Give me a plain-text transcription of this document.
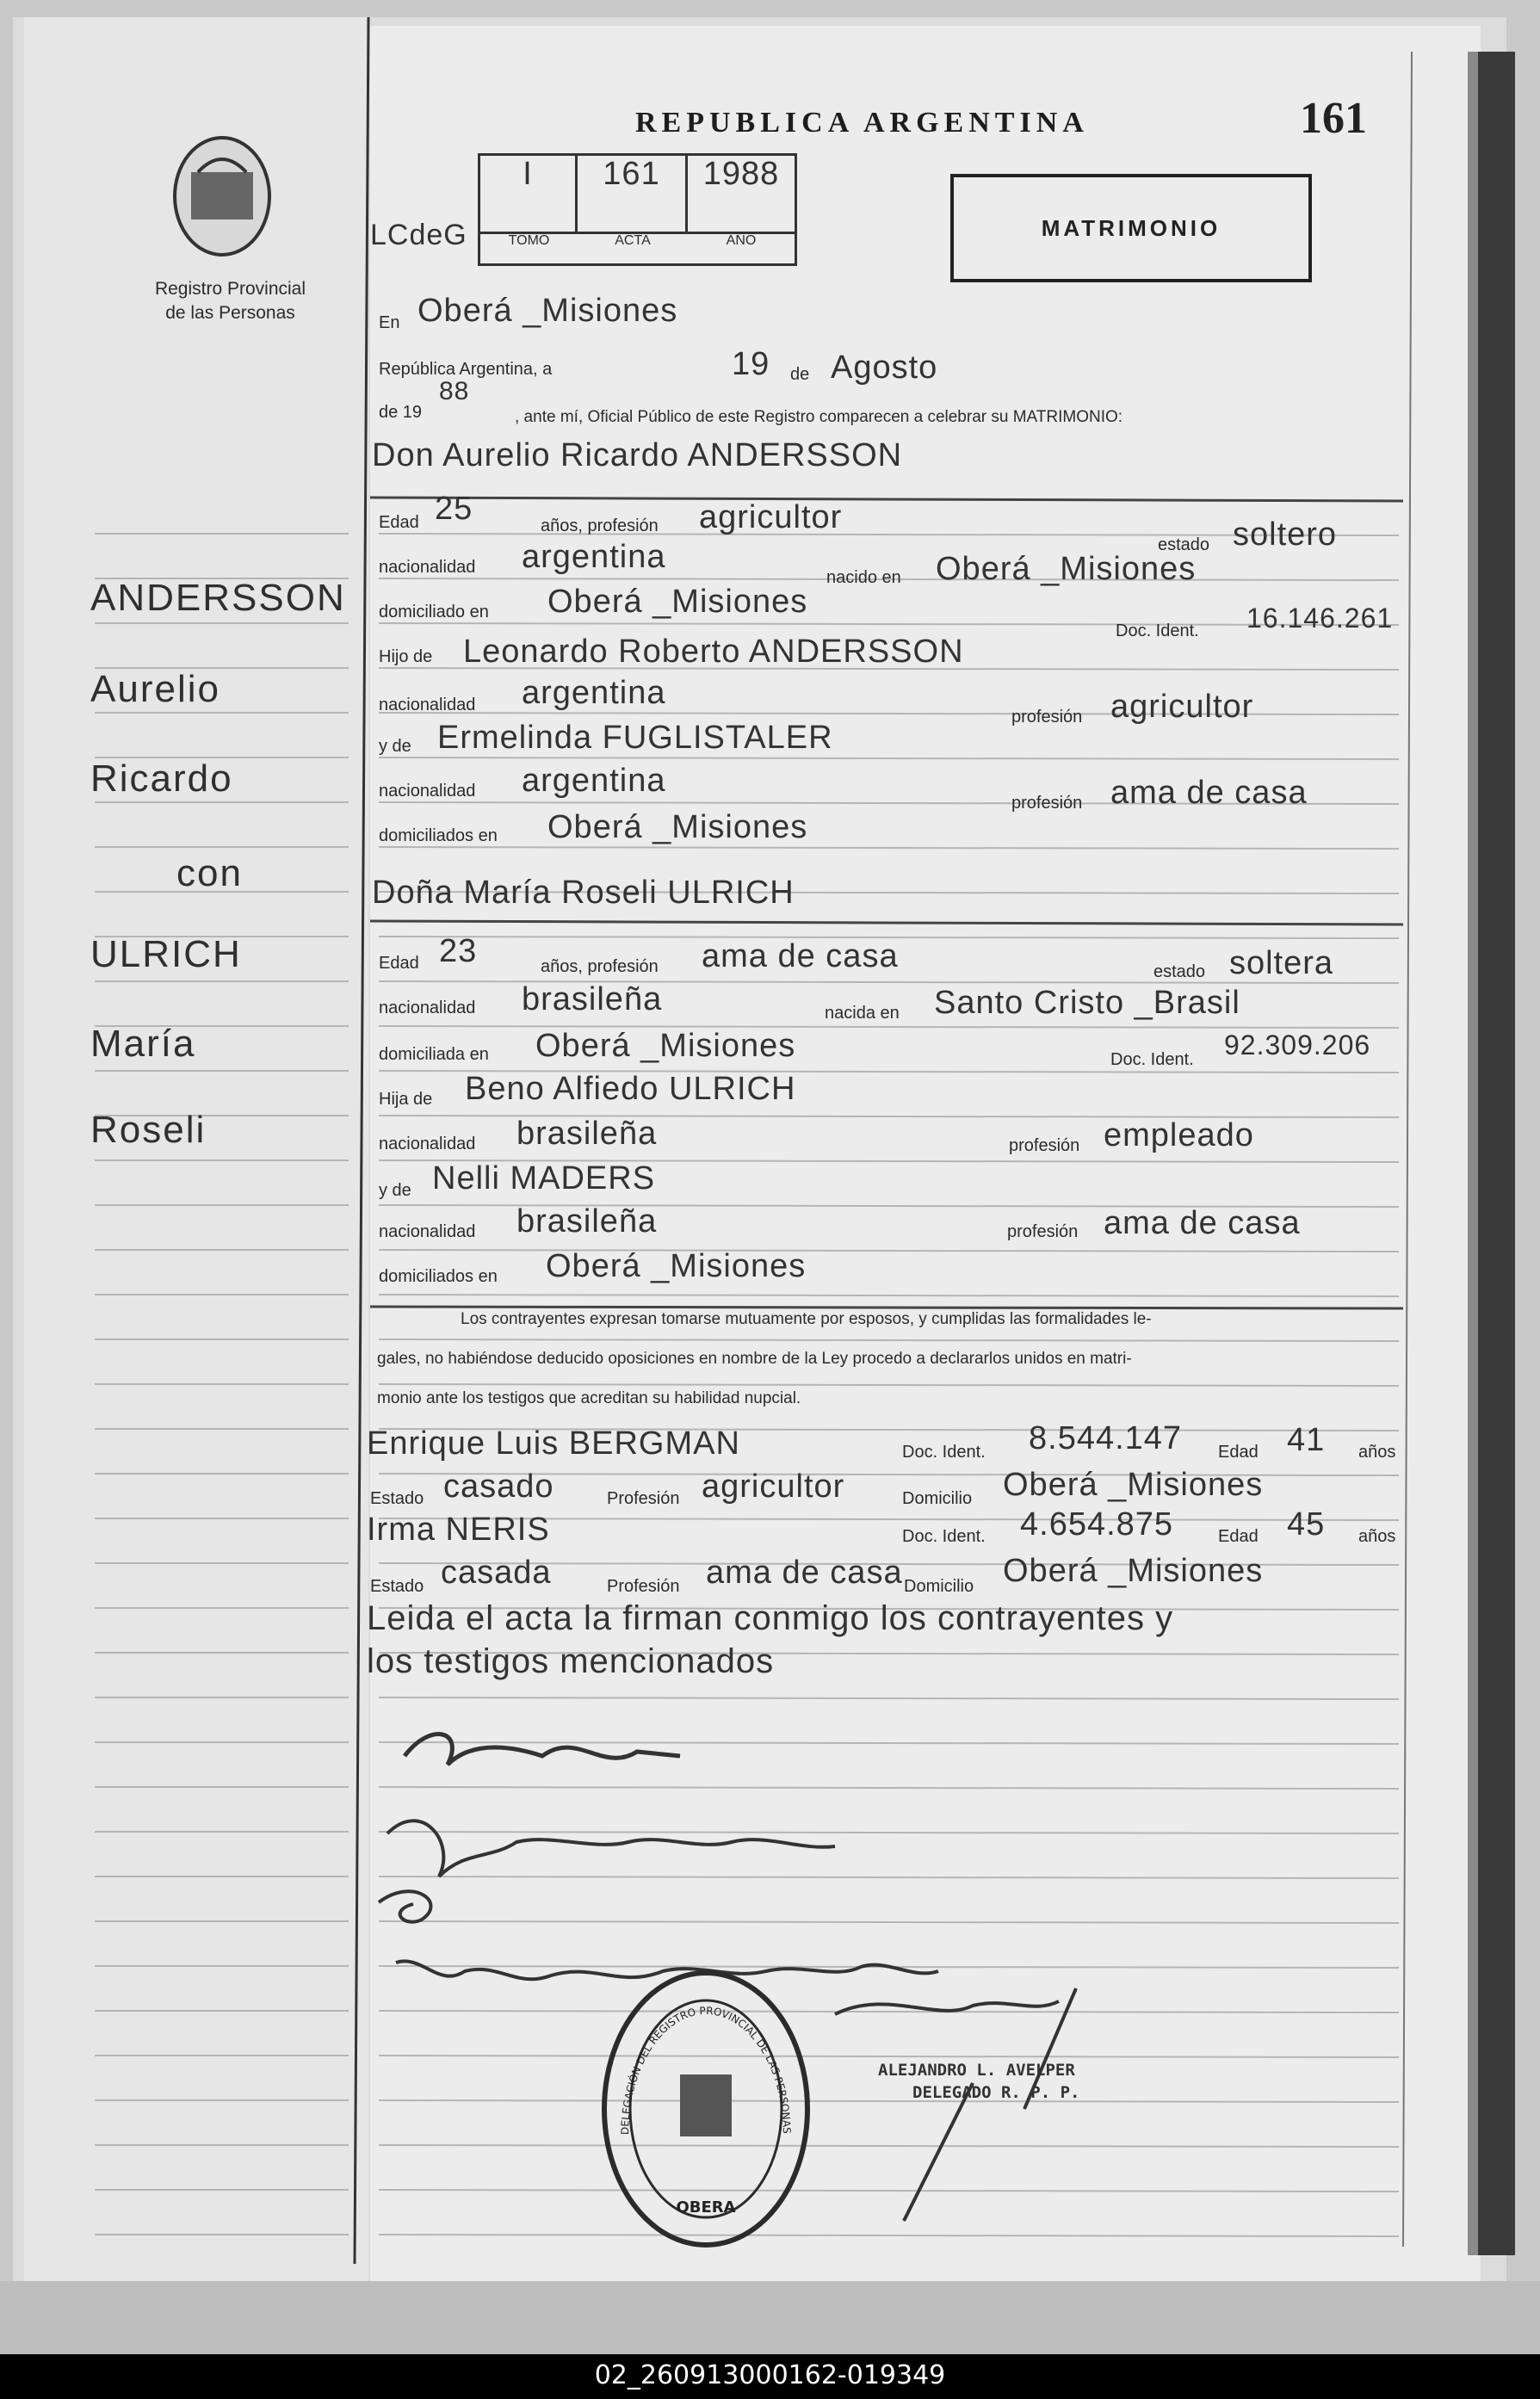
DELEGACIÓN DEL REGISTRO PROVINCIAL DE LAS PERSONAS
OBERA
Registro Provincial
de las Personas
REPUBLICA ARGENTINA	161
I	161	1988
TOMO	ACTA	AÑO
LCdeG	MATRIMONIO
ANDERSSON
Aurelio
Ricardo
con
ULRICH
María
Roseli
En Oberá _Misiones
República Argentina, a	19 de Agosto
de 19
88
, ante mí, Oficial Público de este Registro comparecen a celebrar su MATRIMONIO:
Don Aurelio Ricardo ANDERSSON
Edad 25	años, profesión agricultor
estado soltero
nacionalidad argentina
nacido en Oberá _Misiones
domiciliado en Oberá _Misiones
Doc. Ident. 16.146.261
Hijo de Leonardo Roberto ANDERSSON
nacionalidad argentina
profesión agricultor
y de Ermelinda FUGLISTALER
nacionalidad argentina
profesión ama de casa
domiciliados en Oberá _Misiones
Doña María Roseli ULRICH
Edad 23	años, profesión ama de casa	estado soltera
nacionalidad brasileña	nacida en Santo Cristo _Brasil
domiciliada en Oberá _Misiones	Doc. Ident. 92.309.206
Hija de Beno Alfiedo ULRICH
nacionalidad brasileña	profesión empleado
y de Nelli MADERS
nacionalidad brasileña	profesión ama de casa
domiciliados en Oberá _Misiones
Los contrayentes expresan tomarse mutuamente por esposos, y cumplidas las formalidades le-
gales, no habiéndose deducido oposiciones en nombre de la Ley procedo a declararlos unidos en matri-
monio ante los testigos que acreditan su habilidad nupcial.
Enrique Luis BERGMAN	Doc. Ident. 8.544.147 Edad 41 años
Estado casado	Profesión agricultor	Domicilio Oberá _Misiones
Irma NERIS	Doc. Ident. 4.654.875	Edad 45 años
Estado casada	Profesión ama de casa Domicilio Oberá _Misiones
Leida el acta la firman conmigo los contrayentes y
los testigos mencionados
ALEJANDRO L. AVELPER
DELEGADO R. P. P.
02_260913000162-019349
